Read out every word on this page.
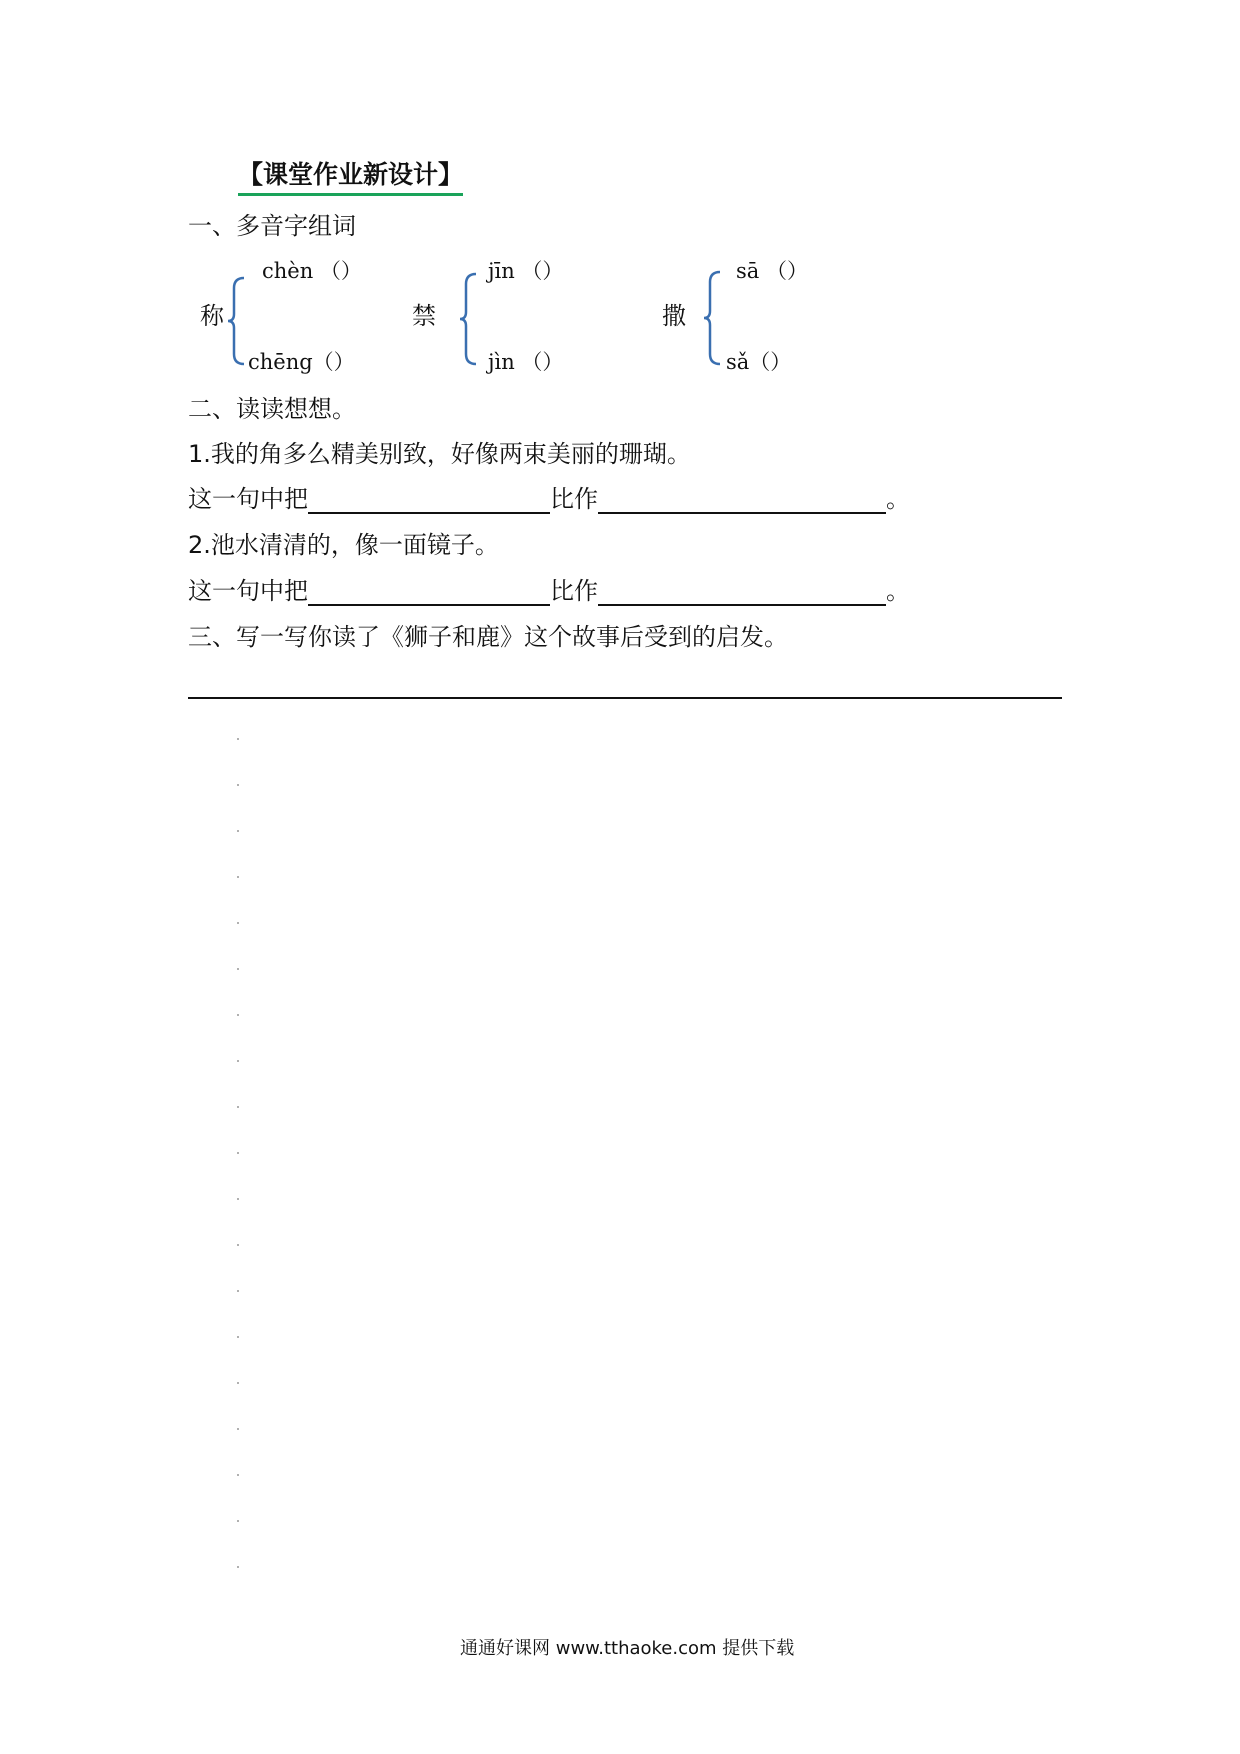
【课堂作业新设计】
一、多音字组词
称
chèn （）
chēng（）
禁
jīn （）
jìn （）
撒
sā （）
sǎ（）
二、读读想想。
1.我的角多么精美别致，好像两束美丽的珊瑚。
这一句中把	比作	。
2.池水清清的，像一面镜子。
这一句中把	比作	。
三、写一写你读了《狮子和鹿》这个故事后受到的启发。
通通好课网 www.tthaoke.com 提供下载
